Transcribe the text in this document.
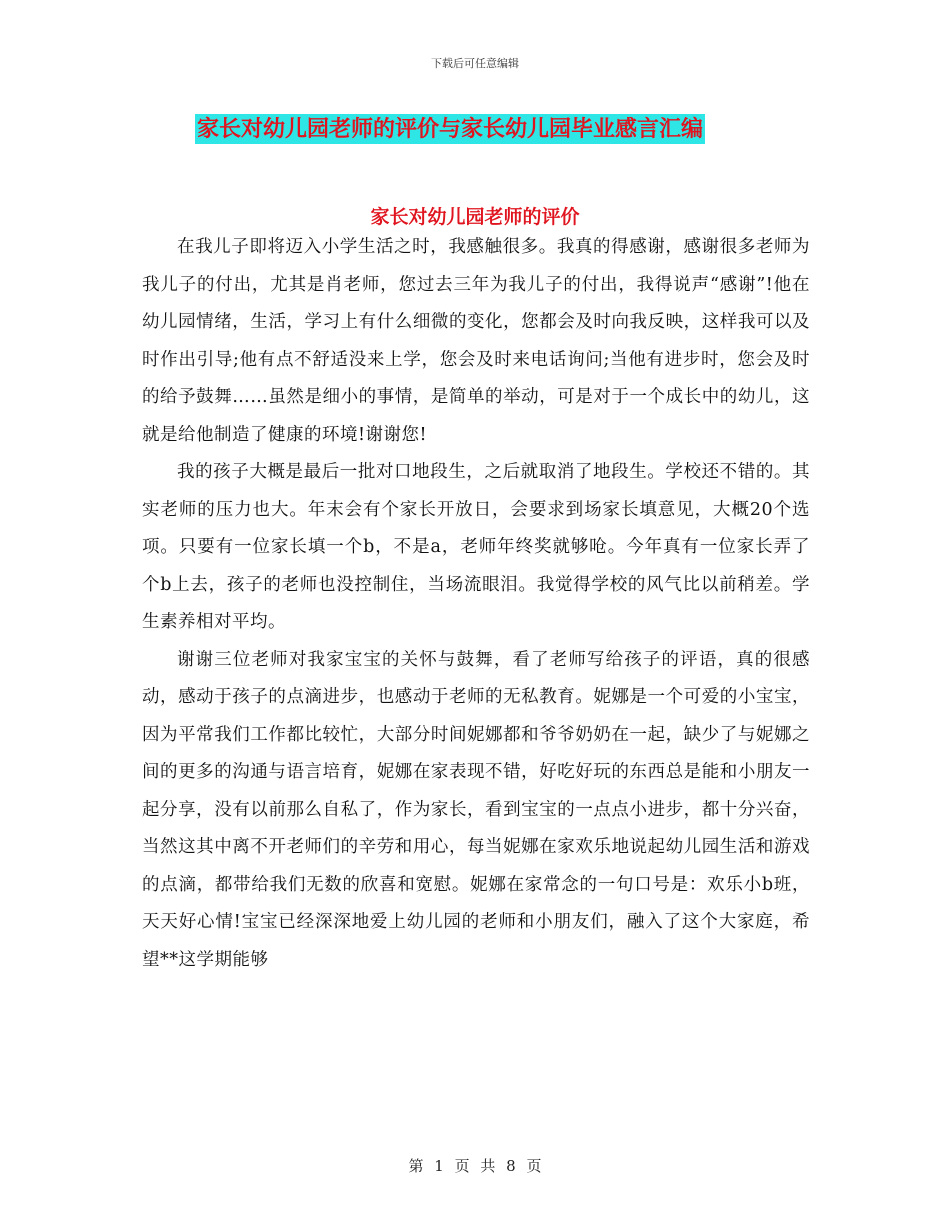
下载后可任意编辑
家长对幼儿园老师的评价与家长幼儿园毕业感言汇编
家长对幼儿园老师的评价

在我儿子即将迈入小学生活之时，我感触很多。我真的得感谢，感谢很多老师为我儿子的付出，尤其是肖老师，您过去三年为我儿子的付出，我得说声“感谢”!他在幼儿园情绪，生活，学习上有什么细微的变化，您都会及时向我反映，这样我可以及时作出引导;他有点不舒适没来上学，您会及时来电话询问;当他有进步时，您会及时的给予鼓舞……虽然是细小的事情，是简单的举动，可是对于一个成长中的幼儿，这就是给他制造了健康的环境!谢谢您!

我的孩子大概是最后一批对口地段生，之后就取消了地段生。学校还不错的。其实老师的压力也大。年末会有个家长开放日，会要求到场家长填意见，大概20个选项。只要有一位家长填一个b，不是a，老师年终奖就够呛。今年真有一位家长弄了个b上去，孩子的老师也没控制住，当场流眼泪。我觉得学校的风气比以前稍差。学生素养相对平均。

谢谢三位老师对我家宝宝的关怀与鼓舞，看了老师写给孩子的评语，真的很感动，感动于孩子的点滴进步，也感动于老师的无私教育。妮娜是一个可爱的小宝宝，因为平常我们工作都比较忙，大部分时间妮娜都和爷爷奶奶在一起，缺少了与妮娜之间的更多的沟通与语言培育，妮娜在家表现不错，好吃好玩的东西总是能和小朋友一起分享，没有以前那么自私了，作为家长，看到宝宝的一点点小进步，都十分兴奋，当然这其中离不开老师们的辛劳和用心，每当妮娜在家欢乐地说起幼儿园生活和游戏的点滴，都带给我们无数的欣喜和宽慰。妮娜在家常念的一句口号是：欢乐小b班，天天好心情!宝宝已经深深地爱上幼儿园的老师和小朋友们，融入了这个大家庭，希望**这学期能够

第 1 页 共 8 页
